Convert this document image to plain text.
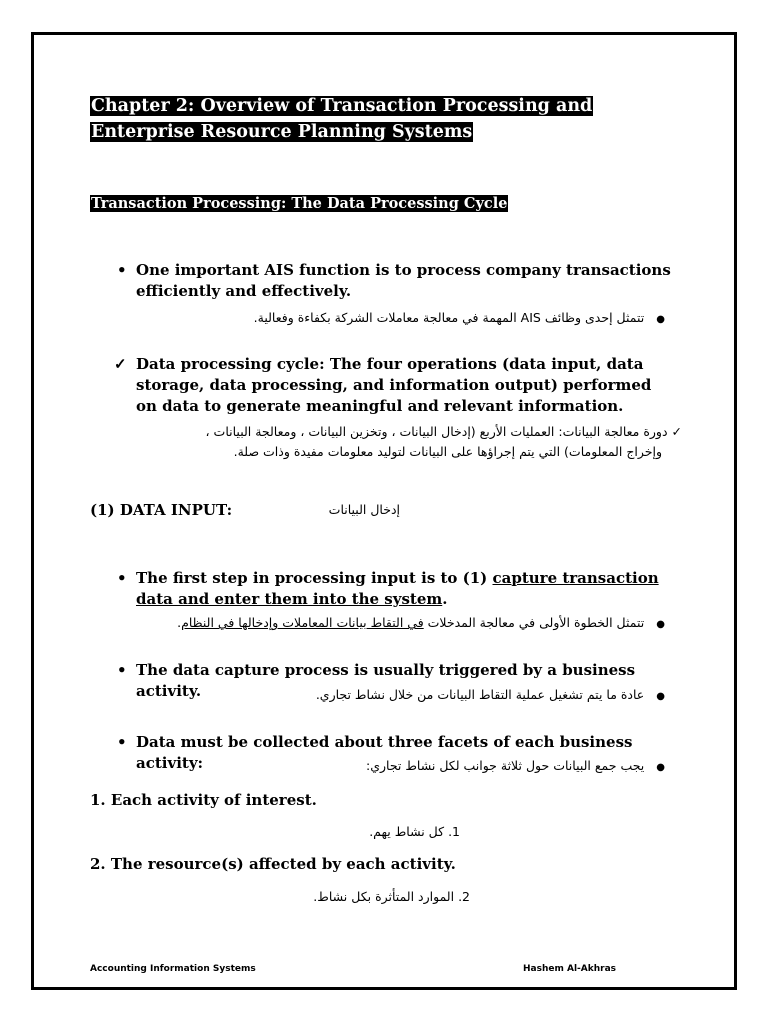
Chapter 2: Overview of Transaction Processing and Enterprise Resource Planning Systems
Transaction Processing: The Data Processing Cycle
• One important AIS function is to process company transactions efficiently and effectively.
●تتمثل إحدى وظائف AIS المهمة في معالجة معاملات الشركة بكفاءة وفعالية.
✓ Data processing cycle: The four operations (data input, data storage, data processing, and information output) performed on data to generate meaningful and relevant information.
✓ دورة معالجة البيانات: العمليات الأربع (إدخال البيانات ، وتخزين البيانات ، ومعالجة البيانات ،
وإخراج المعلومات) التي يتم إجراؤها على البيانات لتوليد معلومات مفيدة وذات صلة.
(1) DATA INPUT:	إدخال البيانات
• The first step in processing input is to (1) capture transaction data and enter them into the system.
●تتمثل الخطوة الأولى في معالجة المدخلات في التقاط بيانات المعاملات وإدخالها في النظام.
• The data capture process is usually triggered by a business activity.	●عادة ما يتم تشغيل عملية التقاط البيانات من خلال نشاط تجاري.
• Data must be collected about three facets of each business activity:	●يجب جمع البيانات حول ثلاثة جوانب لكل نشاط تجاري:
1. Each activity of interest.
1. كل نشاط يهم.
2. The resource(s) affected by each activity.
2. الموارد المتأثرة بكل نشاط.
Accounting Information Systems	Hashem Al-Akhras
